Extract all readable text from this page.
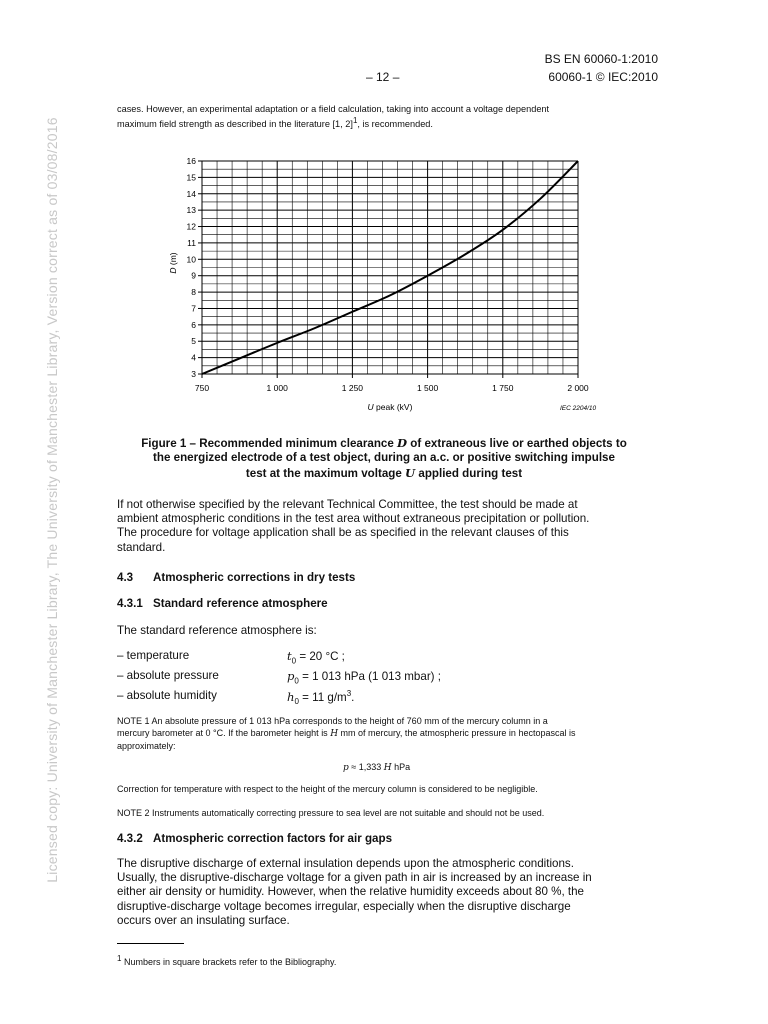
BS EN 60060-1:2010
– 12 –	60060-1 © IEC:2010
Licensed copy: University of Manchester Library, The University of Manchester Library, Version correct as of 03/08/2016
cases. However, an experimental adaptation or a field calculation, taking into account a voltage dependent
maximum field strength as described in the literature [1, 2]$^1$, is recommended.
3
4
5
6
7
8
9
10
11
12
13
14
15
16
750	1 000	1 250	1 500	1 750	2 000
U peak (kV)
D (m)
IEC 2204/10
Figure 1 – Recommended minimum clearance D of extraneous live or earthed objects to
the energized electrode of a test object, during an a.c. or positive switching impulse
test at the maximum voltage U applied during test
If not otherwise specified by the relevant Technical Committee, the test should be made at
ambient atmospheric conditions in the test area without extraneous precipitation or pollution.
The procedure for voltage application shall be as specified in the relevant clauses of this
standard.
4.3 Atmospheric corrections in dry tests
4.3.1 Standard reference atmosphere
The standard reference atmosphere is:
– temperature	$t_0 = 20$ °C ;
– absolute pressure	$p_0 = 1$ 013 hPa (1 013 mbar) ;
– absolute humidity	$h_0 = 11$ $g/m^3$.
NOTE 1 An absolute pressure of 1 013 hPa corresponds to the height of 760 mm of the mercury column in a
mercury barometer at 0 °C. If the barometer height is H mm of mercury, the atmospheric pressure in hectopascal is
approximately:
p ≈ 1,333 H hPa
Correction for temperature with respect to the height of the mercury column is considered to be negligible.
NOTE 2 Instruments automatically correcting pressure to sea level are not suitable and should not be used.
4.3.2 Atmospheric correction factors for air gaps
The disruptive discharge of external insulation depends upon the atmospheric conditions.
Usually, the disruptive-discharge voltage for a given path in air is increased by an increase in
either air density or humidity. However, when the relative humidity exceeds about 80 %, the
disruptive-discharge voltage becomes irregular, especially when the disruptive discharge
occurs over an insulating surface.
$^1$ Numbers in square brackets refer to the Bibliography.
